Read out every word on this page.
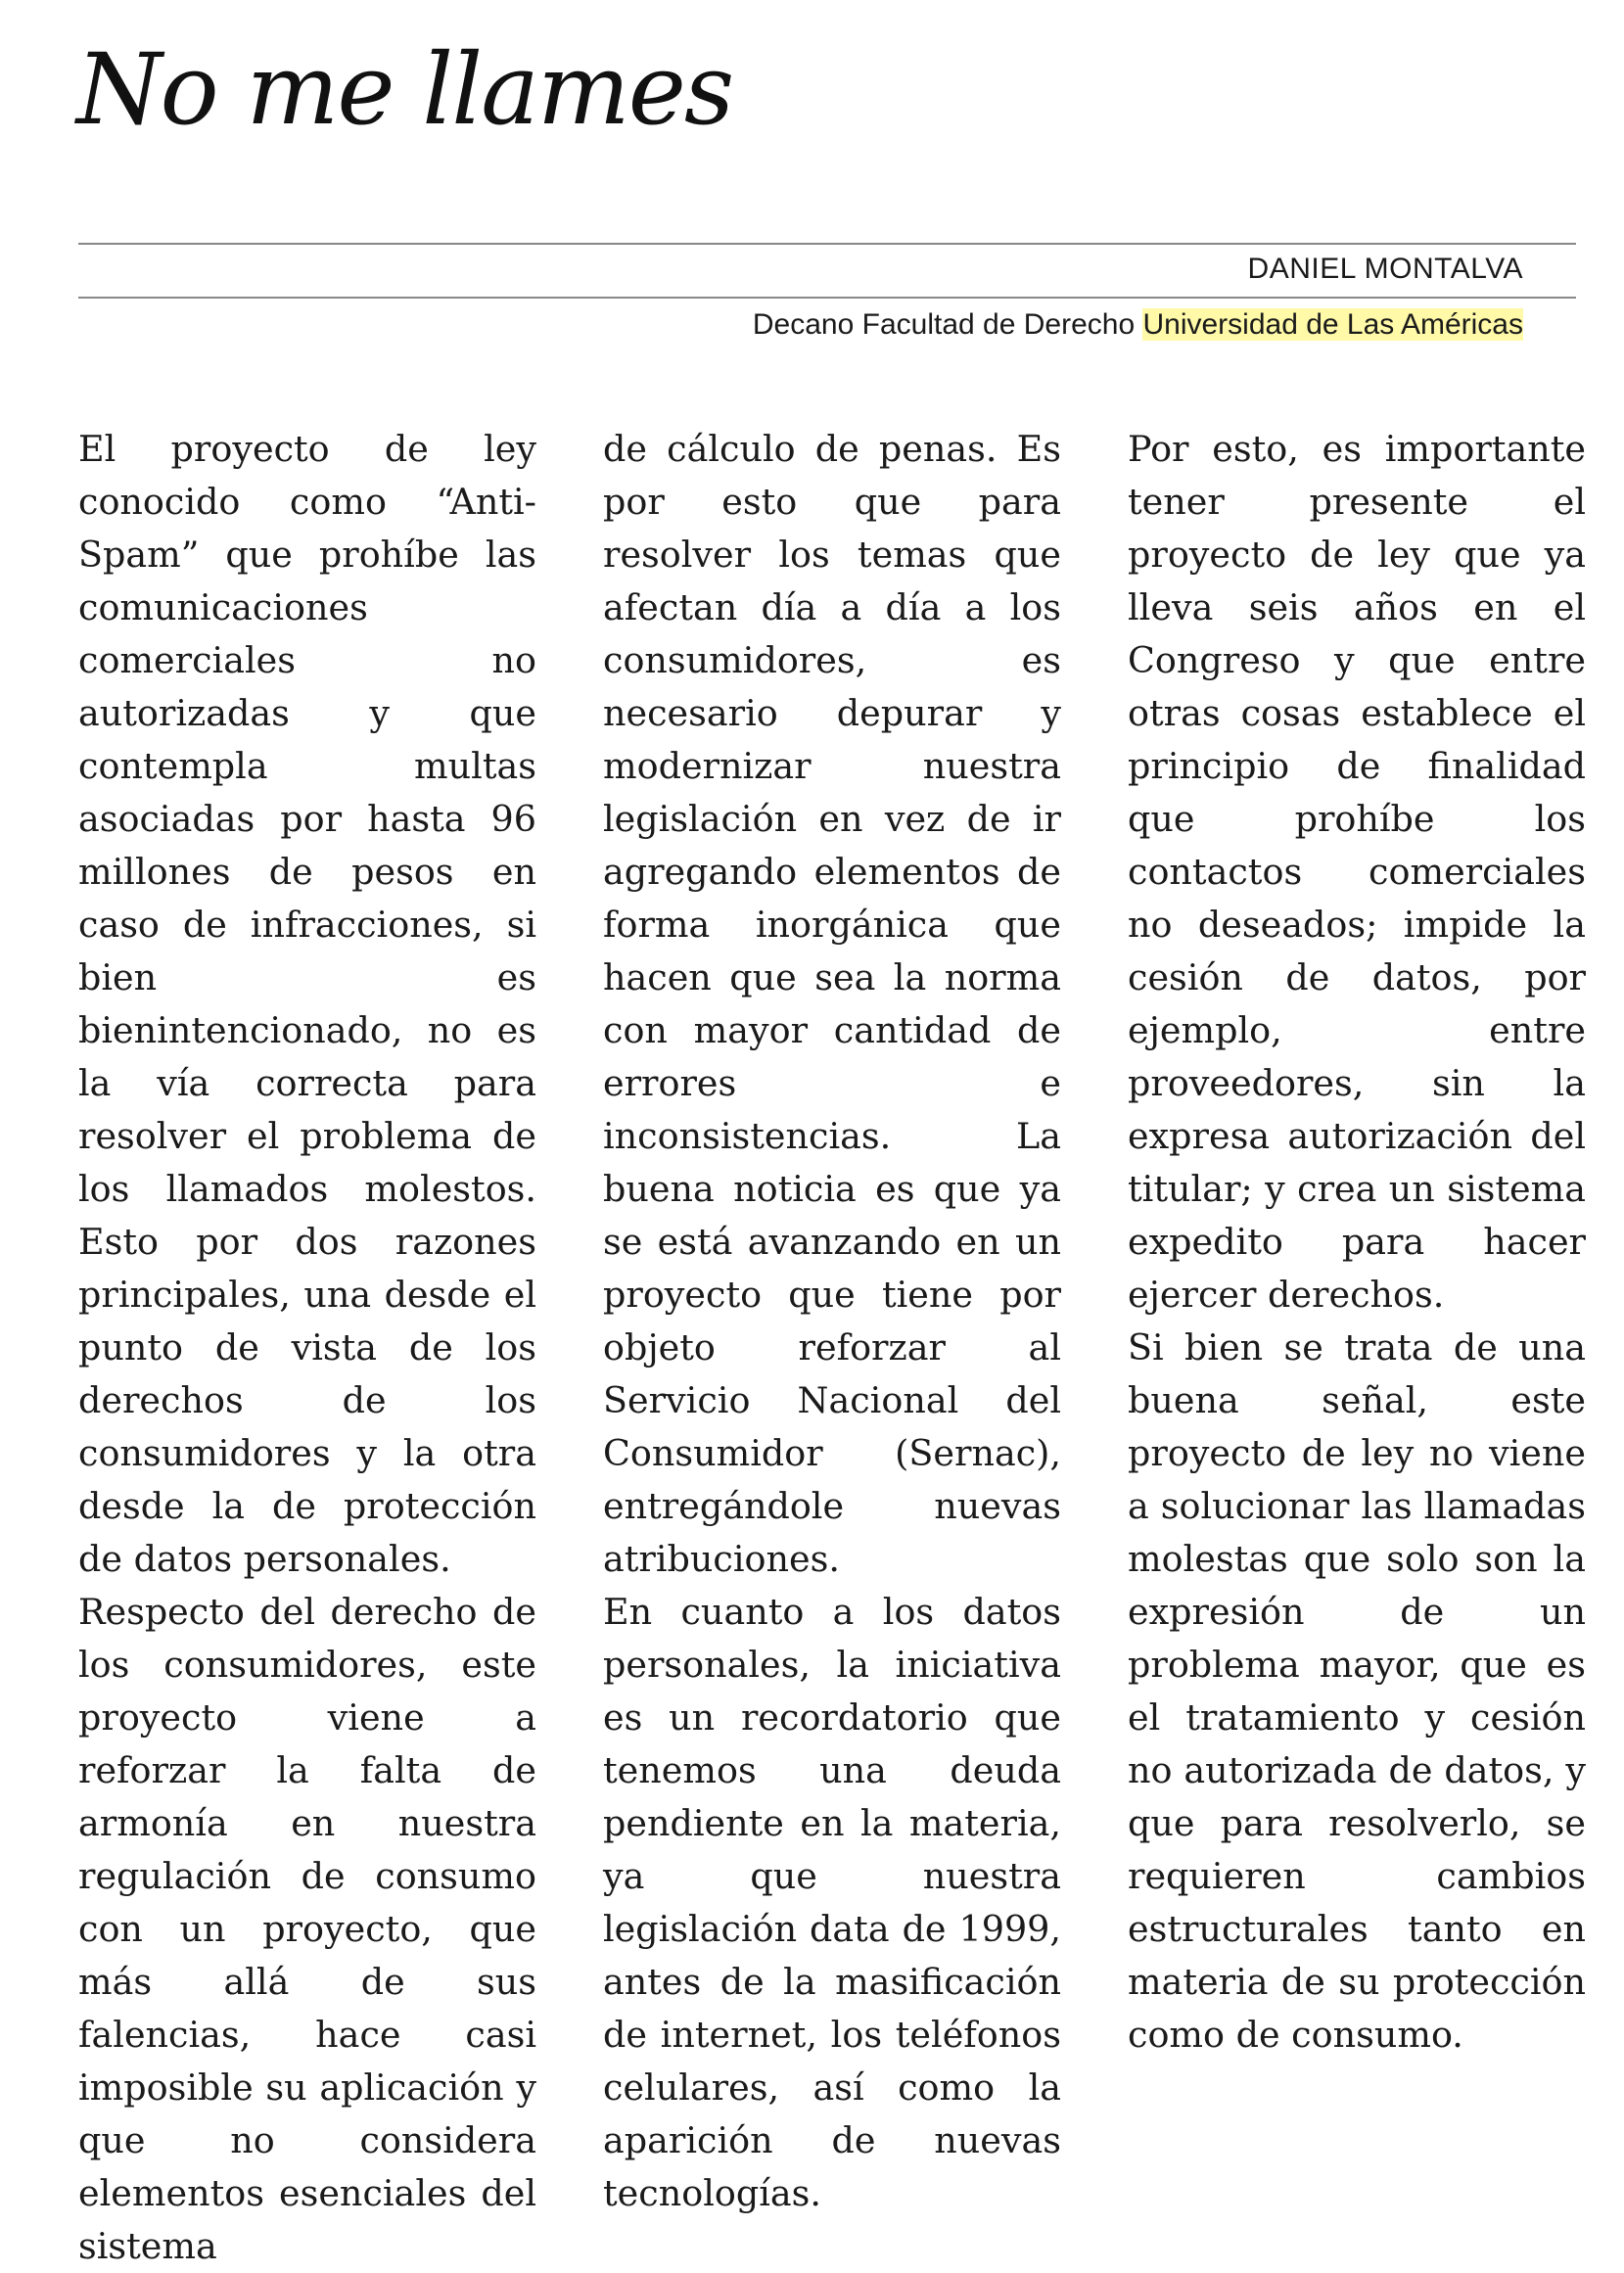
No me llames
DANIEL MONTALVA
Decano Facultad de Derecho Universidad de Las Américas

El proyecto de ley conocido como “Anti-Spam” que prohíbe las comunicaciones comerciales no autorizadas y que contempla multas asociadas por hasta 96 millones de pesos en caso de infracciones, si bien es bienintencionado, no es la vía correcta para resolver el problema de los llamados molestos. Esto por dos razones principales, una desde el punto de vista de los derechos de los consumidores y la otra desde la de protección de datos personales.

Respecto del derecho de los consumidores, este proyecto viene a reforzar la falta de armonía en nuestra regulación de consumo con un proyecto, que más allá de sus falencias, hace casi imposible su aplicación y que no considera elementos esenciales del sistema

de cálculo de penas. Es por esto que para resolver los temas que afectan día a día a los consumidores, es necesario depurar y modernizar nuestra legislación en vez de ir agregando elementos de forma inorgánica que hacen que sea la norma con mayor cantidad de errores e inconsistencias. La buena noticia es que ya se está avanzando en un proyecto que tiene por objeto reforzar al Servicio Nacional del Consumidor (Sernac), entregándole nuevas atribuciones.

En cuanto a los datos personales, la iniciativa es un recordatorio que tenemos una deuda pendiente en la materia, ya que nuestra legislación data de 1999, antes de la masificación de internet, los teléfonos celulares, así como la aparición de nuevas tecnologías.

Por esto, es importante tener presente el proyecto de ley que ya lleva seis años en el Congreso y que entre otras cosas establece el principio de finalidad que prohíbe los contactos comerciales no deseados; impide la cesión de datos, por ejemplo, entre proveedores, sin la expresa autorización del titular; y crea un sistema expedito para hacer ejercer derechos.

Si bien se trata de una buena señal, este proyecto de ley no viene a solucionar las llamadas molestas que solo son la expresión de un problema mayor, que es el tratamiento y cesión no autorizada de datos, y que para resolverlo, se requieren cambios estructurales tanto en materia de su protección como de consumo.
